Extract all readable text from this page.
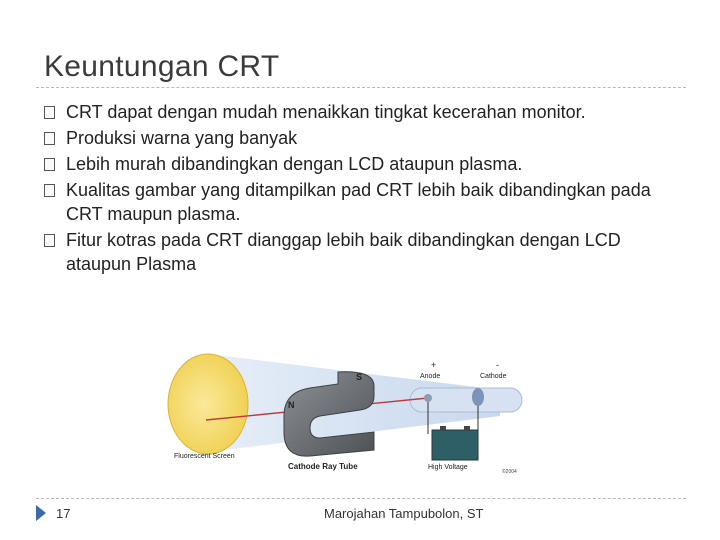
Keuntungan CRT
CRT dapat dengan mudah menaikkan tingkat kecerahan monitor.
Produksi warna yang banyak
Lebih murah dibandingkan dengan LCD ataupun plasma.
Kualitas gambar yang ditampilkan pad CRT lebih baik dibandingkan pada CRT maupun plasma.
Fitur kotras pada CRT dianggap lebih baik dibandingkan dengan LCD ataupun Plasma
S
N
+
Anode
-
Cathode
Fluorescent Screen
Cathode Ray Tube	High Voltage
©2004
17	Marojahan Tampubolon, ST
